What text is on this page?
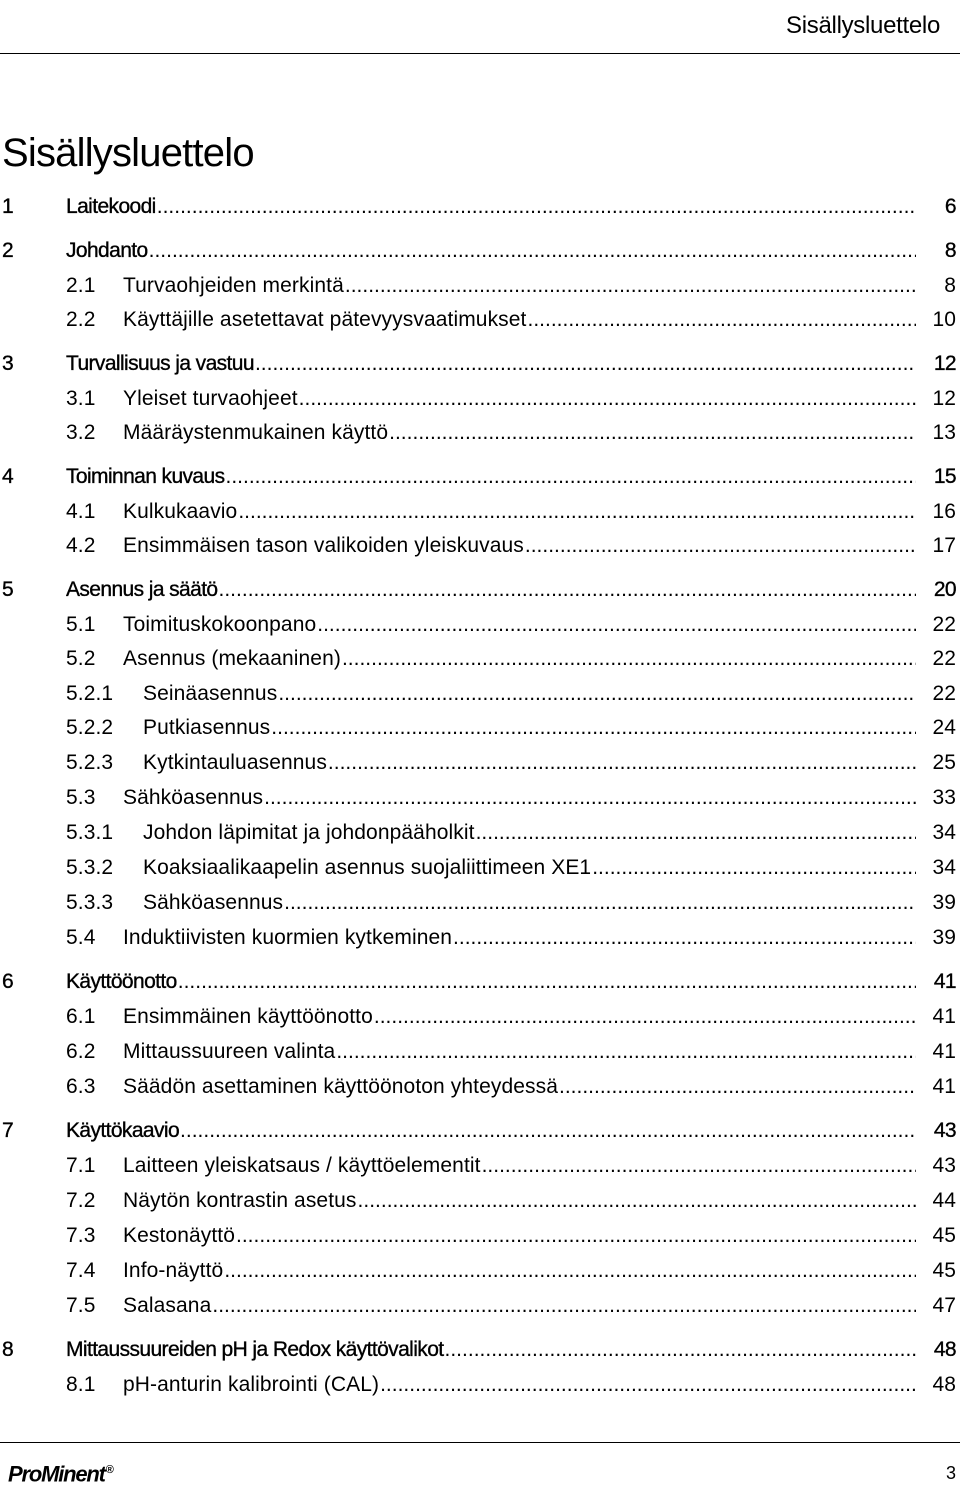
Sisällysluettelo
Sisällysluettelo
1	Laitekoodi .....	6
2	Johdanto .....	8
2.1 Turvaohjeiden merkintä .....	8
2.2 Käyttäjille asetettavat pätevyysvaatimukset .....	10
3	Turvallisuus ja vastuu .....	12
3.1 Yleiset turvaohjeet .....	12
3.2 Määräystenmukainen käyttö .....	13
4	Toiminnan kuvaus .....	15
4.1 Kulkukaavio .....	16
4.2 Ensimmäisen tason valikoiden yleiskuvaus .....	17
5	Asennus ja säätö .....	20
5.1 Toimituskokoonpano .....	22
5.2 Asennus (mekaaninen) .....	22
5.2.1 Seinäasennus .....	22
5.2.2 Putkiasennus .....	24
5.2.3 Kytkintauluasennus .....	25
5.3 Sähköasennus .....	33
5.3.1 Johdon läpimitat ja johdonpääholkit .....	34
5.3.2 Koaksiaalikaapelin asennus suojaliittimeen XE1 .....	34
5.3.3 Sähköasennus .....	39
5.4 Induktiivisten kuormien kytkeminen .....	39
6	Käyttöönotto .....	41
6.1 Ensimmäinen käyttöönotto .....	41
6.2 Mittaussuureen valinta .....	41
6.3 Säädön asettaminen käyttöönoton yhteydessä .....	41
7	Käyttökaavio .....	43
7.1 Laitteen yleiskatsaus / käyttöelementit .....	43
7.2 Näytön kontrastin asetus .....	44
7.3 Kestonäyttö .....	45
7.4 Info-näyttö .....	45
7.5 Salasana .....	47
8	Mittaussuureiden pH ja Redox käyttövalikot .....	48
8.1 pH-anturin kalibrointi (CAL) .....	48
ProMinent®	3
